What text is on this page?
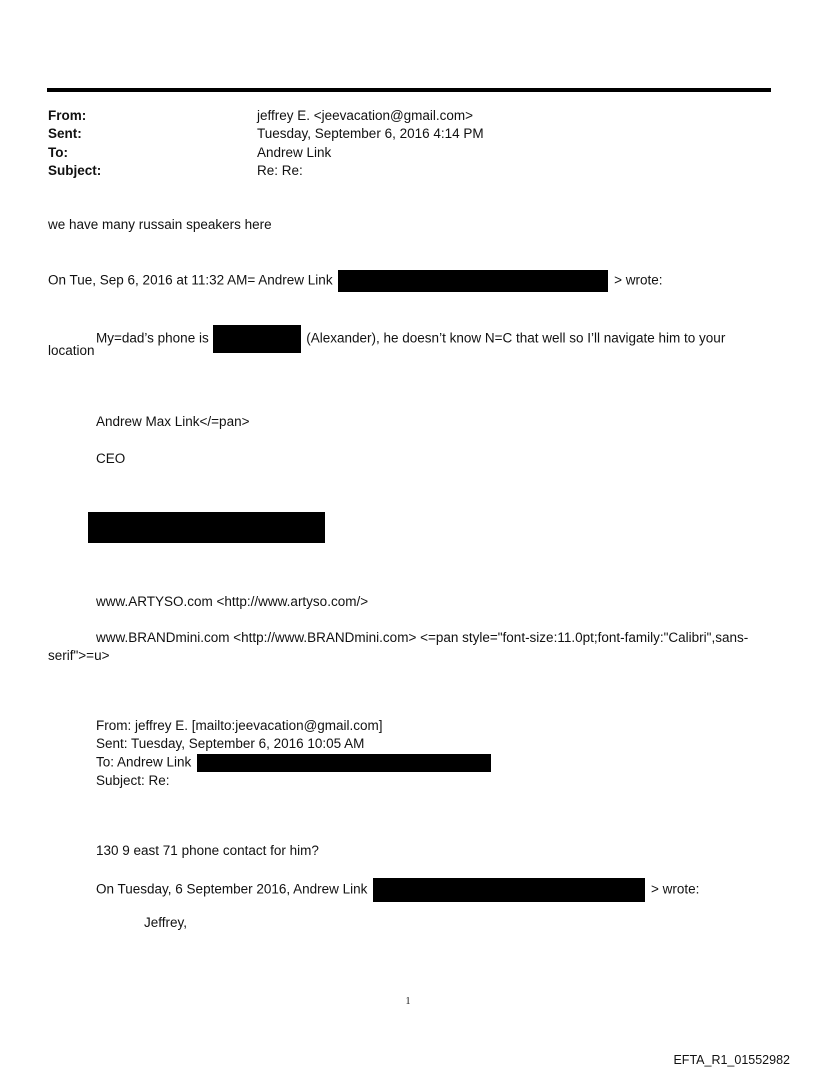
From:	jeffrey E. <jeevacation@gmail.com>
Sent:	Tuesday, September 6, 2016 4:14 PM
To:	Andrew Link
Subject:	Re: Re:
we have many russain speakers here
On Tue, Sep 6, 2016 at 11:32 AM= Andrew Link	> wrote:
My=dad’s phone is	(Alexander), he doesn’t know N=C that well so I’ll navigate him to your
location
Andrew Max Link</=pan>
CEO
www.ARTYSO.com <http://www.artyso.com/>
www.BRANDmini.com <http://www.BRANDmini.com> <=pan style="font-size:11.0pt;font-family:"Calibri",sans-
serif">=u>
From: jeffrey E. [mailto:jeevacation@gmail.com]
Sent: Tuesday, September 6, 2016 10:05 AM
To: Andrew Link
Subject: Re:
130 9 east 71 phone contact for him?
On Tuesday, 6 September 2016, Andrew Link	> wrote:
Jeffrey,
1
EFTA_R1_01552982
